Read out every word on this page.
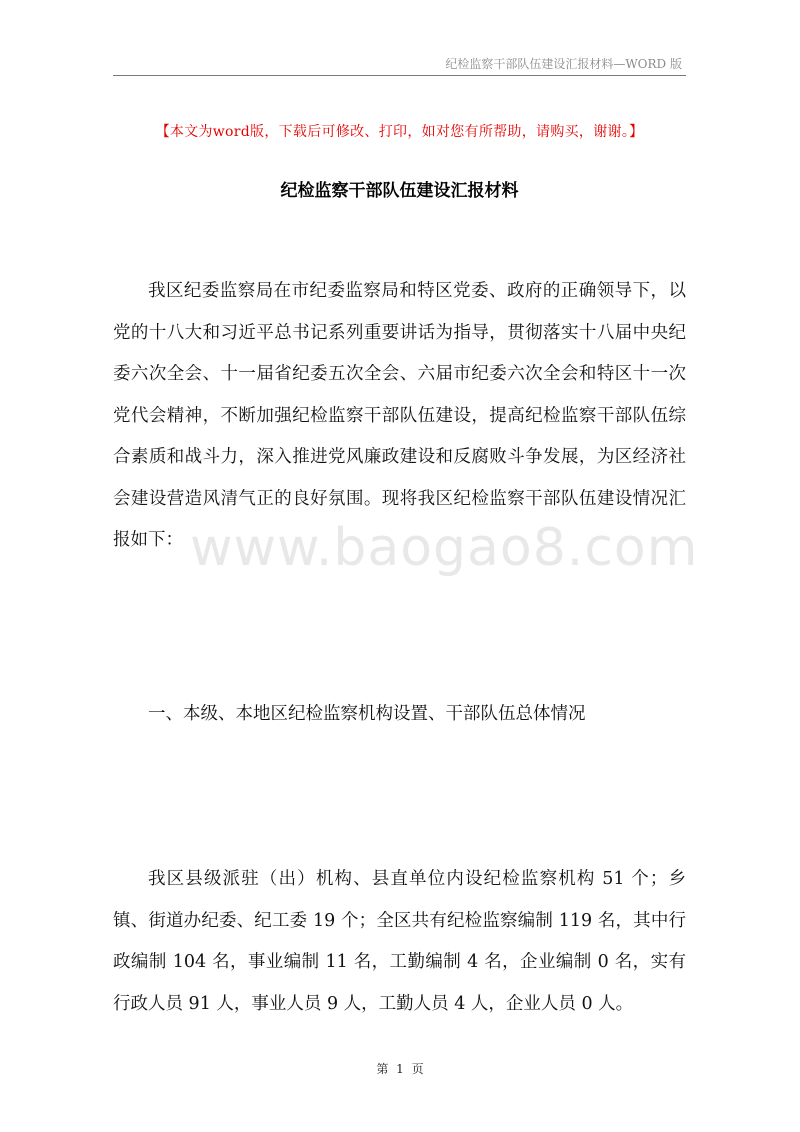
纪检监察干部队伍建设汇报材料—WORD 版
【本文为word版，下载后可修改、打印，如对您有所帮助，请购买，谢谢。】
纪检监察干部队伍建设汇报材料

我区纪委监察局在市纪委监察局和特区党委、政府的正确领导下，以党的十八大和习近平总书记系列重要讲话为指导，贯彻落实十八届中央纪委六次全会、十一届省纪委五次全会、六届市纪委六次全会和特区十一次党代会精神，不断加强纪检监察干部队伍建设，提高纪检监察干部队伍综合素质和战斗力，深入推进党风廉政建设和反腐败斗争发展，为区经济社会建设营造风清气正的良好氛围。现将我区纪检监察干部队伍建设情况汇报如下： www.baogao8.com

一、本级、本地区纪检监察机构设置、干部队伍总体情况

我区县级派驻（出）机构、县直单位内设纪检监察机构 51 个；乡镇、街道办纪委、纪工委 19 个；全区共有纪检监察编制 119 名，其中行政编制 104 名，事业编制 11 名，工勤编制 4 名，企业编制 0 名，实有行政人员 91 人，事业人员 9 人，工勤人员 4 人，企业人员 0 人。

第 1 页
